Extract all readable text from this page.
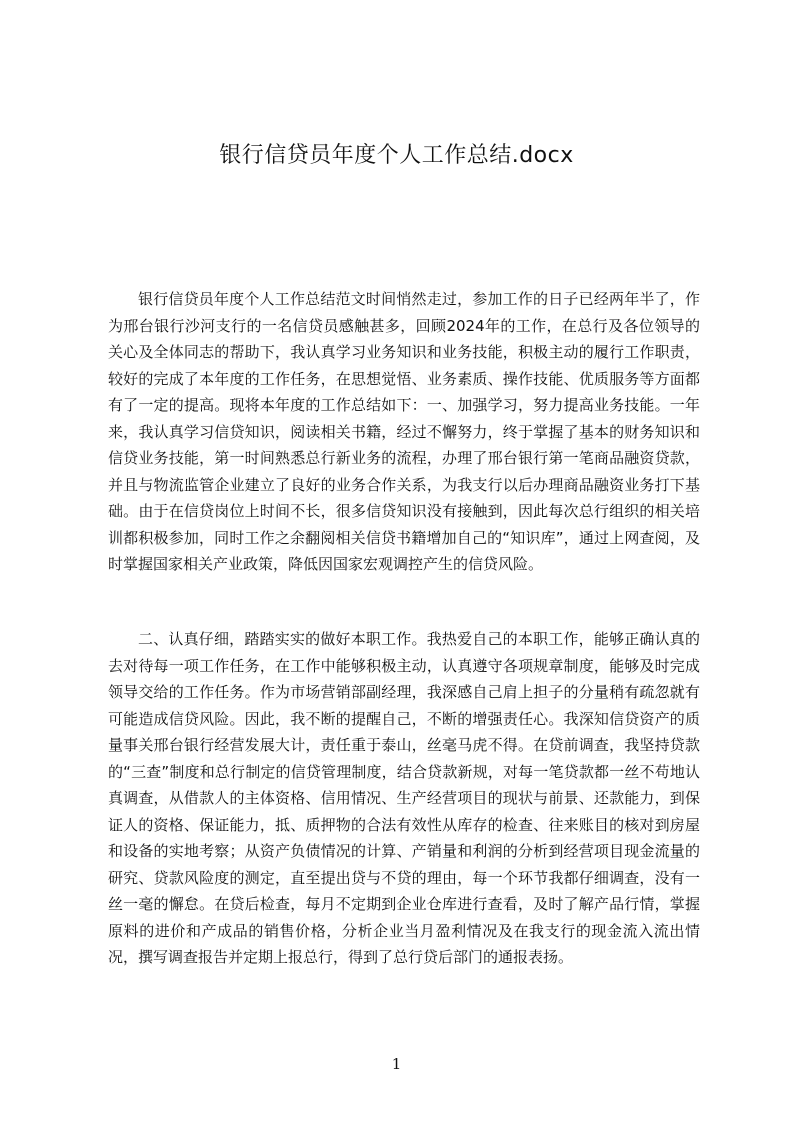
银行信贷员年度个人工作总结.docx

银行信贷员年度个人工作总结范文时间悄然走过，参加工作的日子已经两年半了，作为邢台银行沙河支行的一名信贷员感触甚多，回顾2024年的工作，在总行及各位领导的关心及全体同志的帮助下，我认真学习业务知识和业务技能，积极主动的履行工作职责，较好的完成了本年度的工作任务，在思想觉悟、业务素质、操作技能、优质服务等方面都有了一定的提高。现将本年度的工作总结如下：一、加强学习，努力提高业务技能。一年来，我认真学习信贷知识，阅读相关书籍，经过不懈努力，终于掌握了基本的财务知识和信贷业务技能，第一时间熟悉总行新业务的流程，办理了邢台银行第一笔商品融资贷款，并且与物流监管企业建立了良好的业务合作关系，为我支行以后办理商品融资业务打下基础。由于在信贷岗位上时间不长，很多信贷知识没有接触到，因此每次总行组织的相关培训都积极参加，同时工作之余翻阅相关信贷书籍增加自己的“知识库”，通过上网查阅，及时掌握国家相关产业政策，降低因国家宏观调控产生的信贷风险。

二、认真仔细，踏踏实实的做好本职工作。我热爱自己的本职工作，能够正确认真的去对待每一项工作任务，在工作中能够积极主动，认真遵守各项规章制度，能够及时完成领导交给的工作任务。作为市场营销部副经理，我深感自己肩上担子的分量稍有疏忽就有可能造成信贷风险。因此，我不断的提醒自己，不断的增强责任心。我深知信贷资产的质量事关邢台银行经营发展大计，责任重于泰山，丝毫马虎不得。在贷前调查，我坚持贷款的“三查”制度和总行制定的信贷管理制度，结合贷款新规，对每一笔贷款都一丝不苟地认真调查，从借款人的主体资格、信用情况、生产经营项目的现状与前景、还款能力，到保证人的资格、保证能力，抵、质押物的合法有效性从库存的检查、往来账目的核对到房屋和设备的实地考察；从资产负债情况的计算、产销量和利润的分析到经营项目现金流量的研究、贷款风险度的测定，直至提出贷与不贷的理由，每一个环节我都仔细调查，没有一丝一毫的懈怠。在贷后检查，每月不定期到企业仓库进行查看，及时了解产品行情，掌握原料的进价和产成品的销售价格，分析企业当月盈利情况及在我支行的现金流入流出情况，撰写调查报告并定期上报总行，得到了总行贷后部门的通报表扬。

1
